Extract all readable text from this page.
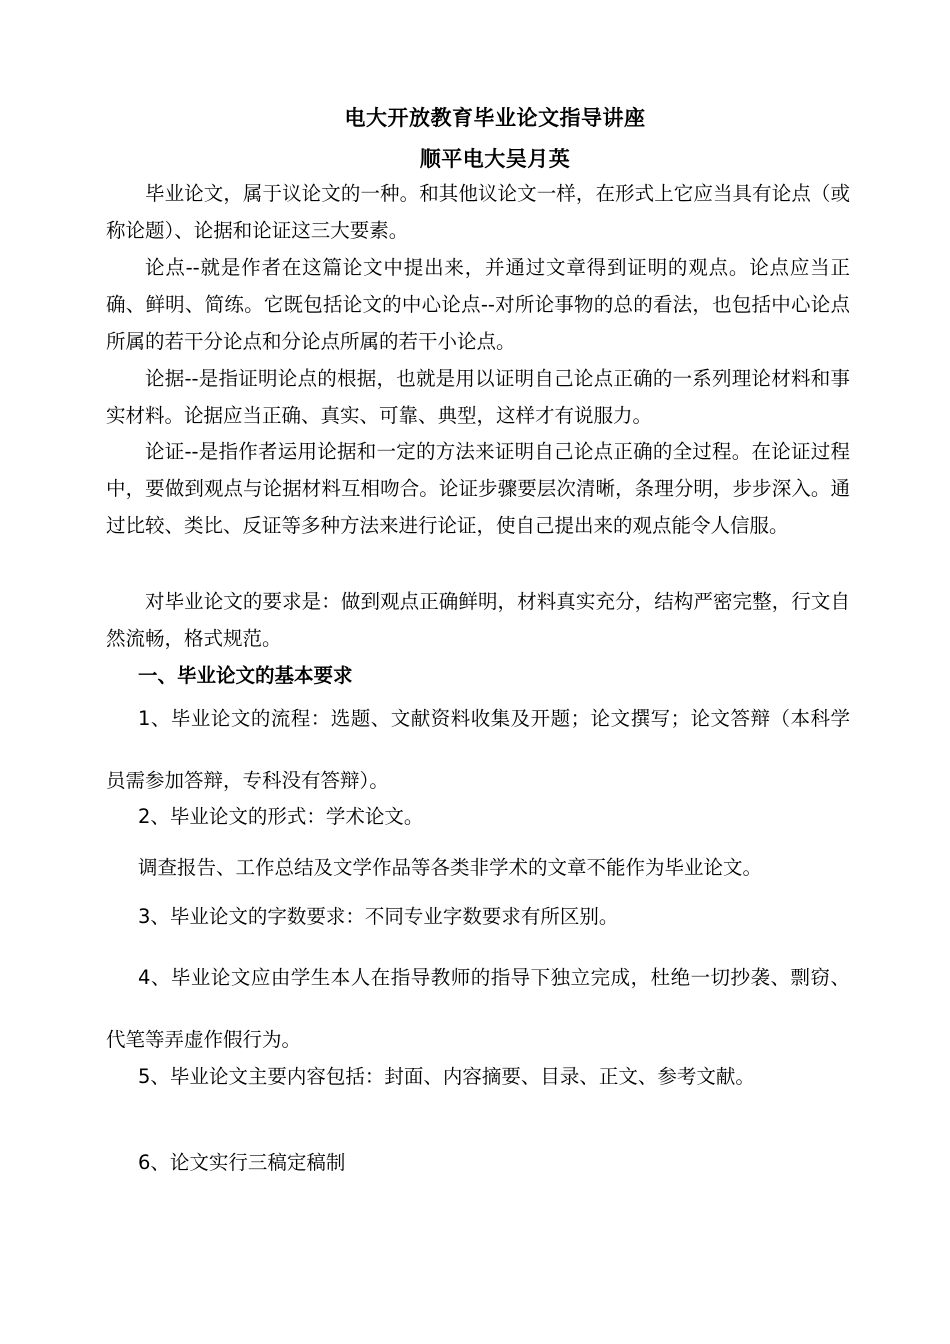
电大开放教育毕业论文指导讲座
顺平电大吴月英

毕业论文，属于议论文的一种。和其他议论文一样，在形式上它应当具有论点（或称论题）、论据和论证这三大要素。

论点--就是作者在这篇论文中提出来，并通过文章得到证明的观点。论点应当正确、鲜明、简练。它既包括论文的中心论点--对所论事物的总的看法，也包括中心论点所属的若干分论点和分论点所属的若干小论点。

论据--是指证明论点的根据，也就是用以证明自己论点正确的一系列理论材料和事实材料。论据应当正确、真实、可靠、典型，这样才有说服力。

论证--是指作者运用论据和一定的方法来证明自己论点正确的全过程。在论证过程中，要做到观点与论据材料互相吻合。论证步骤要层次清晰，条理分明，步步深入。通过比较、类比、反证等多种方法来进行论证，使自己提出来的观点能令人信服。

对毕业论文的要求是：做到观点正确鲜明，材料真实充分，结构严密完整，行文自然流畅，格式规范。

一、毕业论文的基本要求

1、毕业论文的流程：选题、文献资料收集及开题；论文撰写；论文答辩（本科学员需参加答辩，专科没有答辩）。

2、毕业论文的形式：学术论文。

调查报告、工作总结及文学作品等各类非学术的文章不能作为毕业论文。

3、毕业论文的字数要求：不同专业字数要求有所区别。

4、毕业论文应由学生本人在指导教师的指导下独立完成，杜绝一切抄袭、剽窃、代笔等弄虚作假行为。

5、毕业论文主要内容包括：封面、内容摘要、目录、正文、参考文献。

6、论文实行三稿定稿制
